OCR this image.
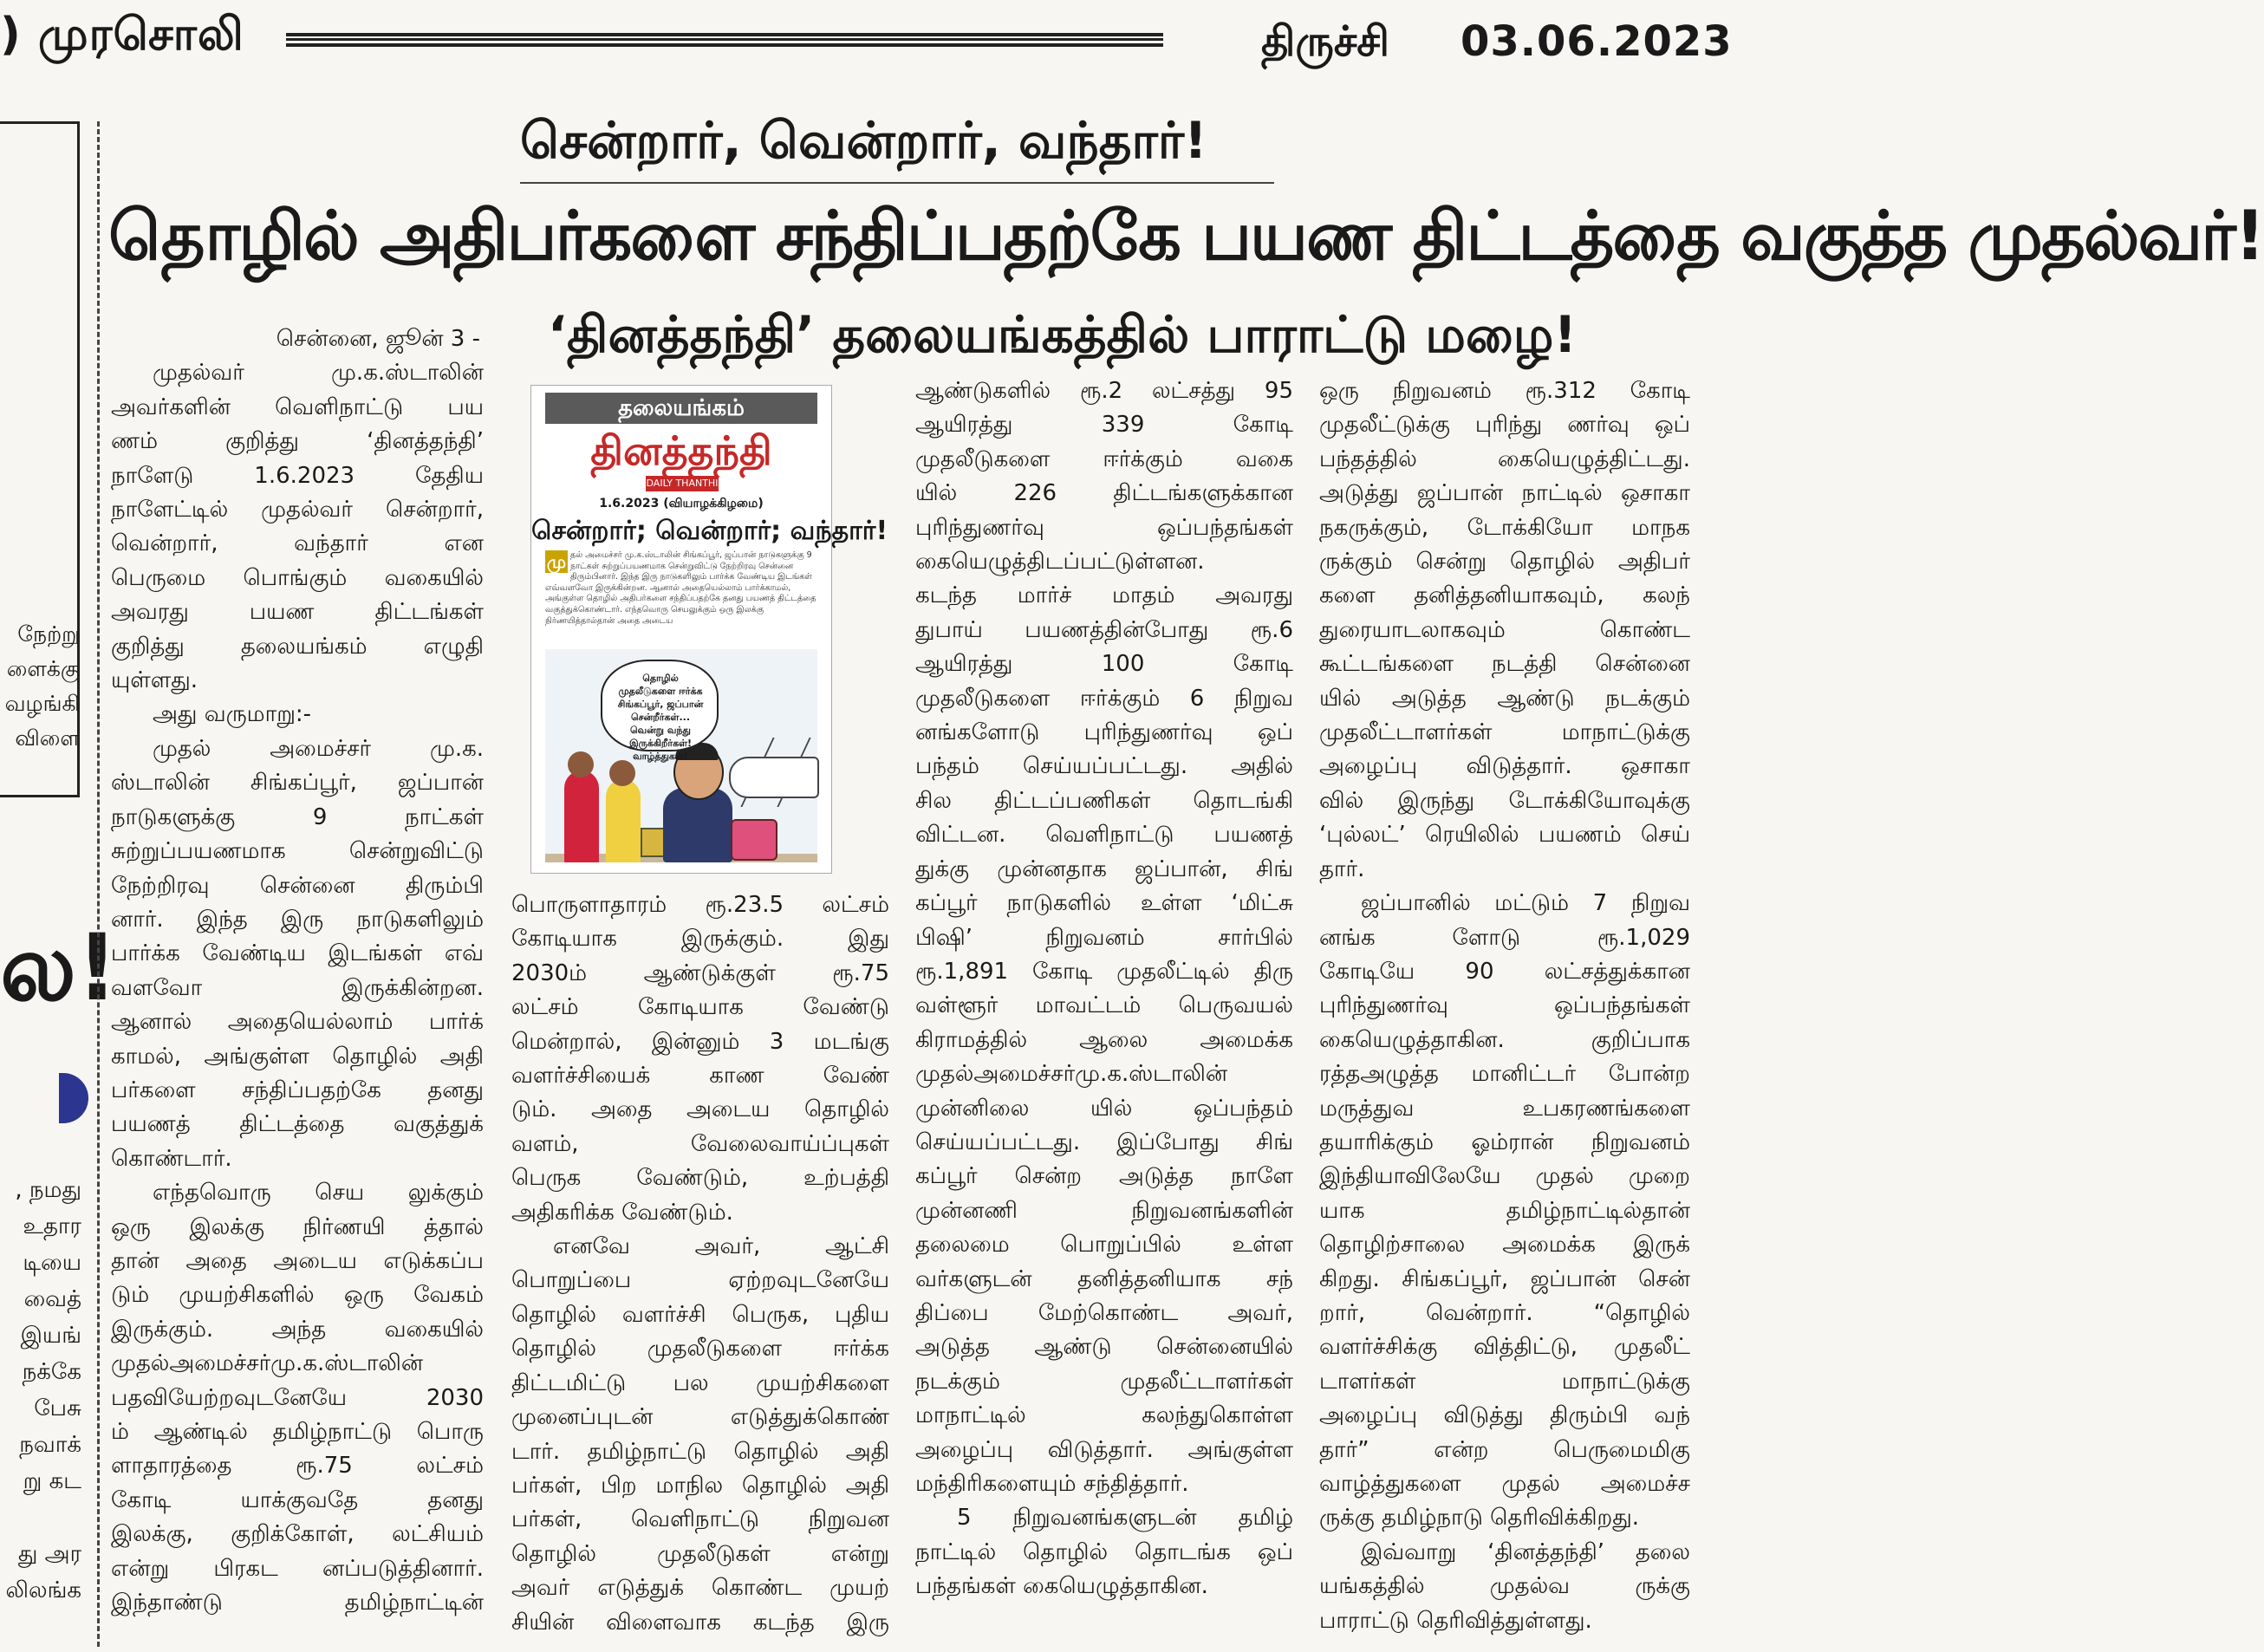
) முரசொலி	திருச்சி 03.06.2023
நேற்று
ளைக்கு
வழங்கி
விளை
ல!
, நமது
உதார
டியை
வைத்
இயங்
நக்கே
பேசு
நவாக்
று கட

து அர
லிலங்க
சென்றார், வென்றார், வந்தார்!
தொழில் அதிபர்களை சந்திப்பதற்கே பயண திட்டத்தை வகுத்த முதல்வர்!
‘தினத்தந்தி’ தலையங்கத்தில் பாராட்டு மழை!
சென்னை, ஜூன் 3 -
முதல்வர் மு.க.ஸ்டாலின்
அவர்களின் வெளிநாட்டு பய
ணம் குறித்து ‘தினத்தந்தி’
நாளேடு 1.6.2023 தேதிய
நாளேட்டில் முதல்வர் சென்றார்,
வென்றார், வந்தார் என
பெருமை பொங்கும் வகையில்
அவரது பயண திட்டங்கள்
குறித்து தலையங்கம் எழுதி
யுள்ளது.
அது வருமாறு:-
முதல் அமைச்சர் மு.க.
ஸ்டாலின் சிங்கப்பூர், ஜப்பான்
நாடுகளுக்கு 9 நாட்கள்
சுற்றுப்பயணமாக சென்றுவிட்டு
நேற்றிரவு சென்னை திரும்பி
னார். இந்த இரு நாடுகளிலும்
பார்க்க வேண்டிய இடங்கள் எவ்
வளவோ இருக்கின்றன.
ஆனால் அதையெல்லாம் பார்க்
காமல், அங்குள்ள தொழில் அதி
பர்களை சந்திப்பதற்கே தனது
பயணத் திட்டத்தை வகுத்துக்
கொண்டார்.
எந்தவொரு செய லுக்கும்
ஒரு இலக்கு நிர்ணயி த்தால்
தான் அதை அடைய எடுக்கப்ப
டும் முயற்சிகளில் ஒரு வேகம்
இருக்கும். அந்த வகையில்
முதல்அமைச்சர்மு.க.ஸ்டாலின்
பதவியேற்றவுடனேயே 2030
ம் ஆண்டில் தமிழ்நாட்டு பொரு
ளாதாரத்தை ரூ.75 லட்சம்
கோடி யாக்குவதே தனது
இலக்கு, குறிக்கோள், லட்சியம்
என்று பிரகட னப்படுத்தினார்.
இந்தாண்டு தமிழ்நாட்டின்
பொருளாதாரம் ரூ.23.5 லட்சம்
கோடியாக இருக்கும். இது
2030ம் ஆண்டுக்குள் ரூ.75
லட்சம் கோடியாக வேண்டு
மென்றால், இன்னும் 3 மடங்கு
வளர்ச்சியைக் காண வேண்
டும். அதை அடைய தொழில்
வளம், வேலைவாய்ப்புகள்
பெருக வேண்டும், உற்பத்தி
அதிகரிக்க வேண்டும்.
எனவே அவர், ஆட்சி
பொறுப்பை ஏற்றவுடனேயே
தொழில் வளர்ச்சி பெருக, புதிய
தொழில் முதலீடுகளை ஈர்க்க
திட்டமிட்டு பல முயற்சிகளை
முனைப்புடன் எடுத்துக்கொண்
டார். தமிழ்நாட்டு தொழில் அதி
பர்கள், பிற மாநில தொழில் அதி
பர்கள், வெளிநாட்டு நிறுவன
தொழில் முதலீடுகள் என்று
அவர் எடுத்துக் கொண்ட முயற்
சியின் விளைவாக கடந்த இரு
ஆண்டுகளில் ரூ.2 லட்சத்து 95
ஆயிரத்து 339 கோடி
முதலீடுகளை ஈர்க்கும் வகை
யில் 226 திட்டங்களுக்கான
புரிந்துணர்வு ஒப்பந்தங்கள்
கையெழுத்திடப்பட்டுள்ளன.
கடந்த மார்ச் மாதம் அவரது
துபாய் பயணத்தின்போது ரூ.6
ஆயிரத்து 100 கோடி
முதலீடுகளை ஈர்க்கும் 6 நிறுவ
னங்களோடு புரிந்துணர்வு ஒப்
பந்தம் செய்யப்பட்டது. அதில்
சில திட்டப்பணிகள் தொடங்கி
விட்டன. வெளிநாட்டு பயணத்
துக்கு முன்னதாக ஜப்பான், சிங்
கப்பூர் நாடுகளில் உள்ள ‘மிட்சு
பிஷி’ நிறுவனம் சார்பில்
ரூ.1,891 கோடி முதலீட்டில் திரு
வள்ளூர் மாவட்டம் பெருவயல்
கிராமத்தில் ஆலை அமைக்க
முதல்அமைச்சர்மு.க.ஸ்டாலின்
முன்னிலை யில் ஒப்பந்தம்
செய்யப்பட்டது. இப்போது சிங்
கப்பூர் சென்ற அடுத்த நாளே
முன்னணி நிறுவனங்களின்
தலைமை பொறுப்பில் உள்ள
வர்களுடன் தனித்தனியாக சந்
திப்பை மேற்கொண்ட அவர்,
அடுத்த ஆண்டு சென்னையில்
நடக்கும் முதலீட்டாளர்கள்
மாநாட்டில் கலந்துகொள்ள
அழைப்பு விடுத்தார். அங்குள்ள
மந்திரிகளையும் சந்தித்தார்.
5 நிறுவனங்களுடன் தமிழ்
நாட்டில் தொழில் தொடங்க ஒப்
பந்தங்கள் கையெழுத்தாகின.
ஒரு நிறுவனம் ரூ.312 கோடி
முதலீட்டுக்கு புரிந்து ணர்வு ஒப்
பந்தத்தில் கையெழுத்திட்டது.
அடுத்து ஜப்பான் நாட்டில் ஒசாகா
நகருக்கும், டோக்கியோ மாநக
ருக்கும் சென்று தொழில் அதிபர்
களை தனித்தனியாகவும், கலந்
துரையாடலாகவும் கொண்ட
கூட்டங்களை நடத்தி சென்னை
யில் அடுத்த ஆண்டு நடக்கும்
முதலீட்டாளர்கள் மாநாட்டுக்கு
அழைப்பு விடுத்தார். ஒசாகா
வில் இருந்து டோக்கியோவுக்கு
‘புல்லட்’ ரெயிலில் பயணம் செய்
தார்.
ஜப்பானில் மட்டும் 7 நிறுவ
னங்க ளோடு ரூ.1,029
கோடியே 90 லட்சத்துக்கான
புரிந்துணர்வு ஒப்பந்தங்கள்
கையெழுத்தாகின. குறிப்பாக
ரத்தஅழுத்த மானிட்டர் போன்ற
மருத்துவ உபகரணங்களை
தயாரிக்கும் ஓம்ரான் நிறுவனம்
இந்தியாவிலேயே முதல் முறை
யாக தமிழ்நாட்டில்தான்
தொழிற்சாலை அமைக்க இருக்
கிறது. சிங்கப்பூர், ஜப்பான் சென்
றார், வென்றார். “தொழில்
வளர்ச்சிக்கு வித்திட்டு, முதலீட்
டாளர்கள் மாநாட்டுக்கு
அழைப்பு விடுத்து திரும்பி வந்
தார்” என்ற பெருமைமிகு
வாழ்த்துகளை முதல் அமைச்ச
ருக்கு தமிழ்நாடு தெரிவிக்கிறது.
இவ்வாறு ‘தினத்தந்தி’ தலை
யங்கத்தில் முதல்வ ருக்கு
பாராட்டு தெரிவித்துள்ளது.
தலையங்கம்
தினத்தந்தி
DAILY THANTHI
1.6.2023 (வியாழக்கிழமை)
சென்றார்; வென்றார்; வந்தார்!
மு தல் அமைச்சர் மு.க.ஸ்டாலின் சிங்கப்பூர், ஜப்பான் நாடுகளுக்கு 9 நாட்கள் சுற்றுப்பயணமாக சென்றுவிட்டு நேற்றிரவு சென்னை திரும்பினார். இந்த இரு நாடுகளிலும் பார்க்க வேண்டிய இடங்கள் எவ்வளவோ இருக்கின்றன. ஆனால் அதையெல்லாம் பார்க்காமல், அங்குள்ள தொழில் அதிபர்களை சந்திப்பதற்கே தனது பயணத் திட்டத்தை வகுத்துக்கொண்டார். எந்தவொரு செயலுக்கும் ஒரு இலக்கு நிர்ணயித்தால்தான் அதை அடைய
தொழில் முதலீடுகளை ஈர்க்க சிங்கப்பூர், ஜப்பான் சென்றீர்கள்... வென்று வந்து இருக்கிறீர்கள்! வாழ்த்துகள்!
